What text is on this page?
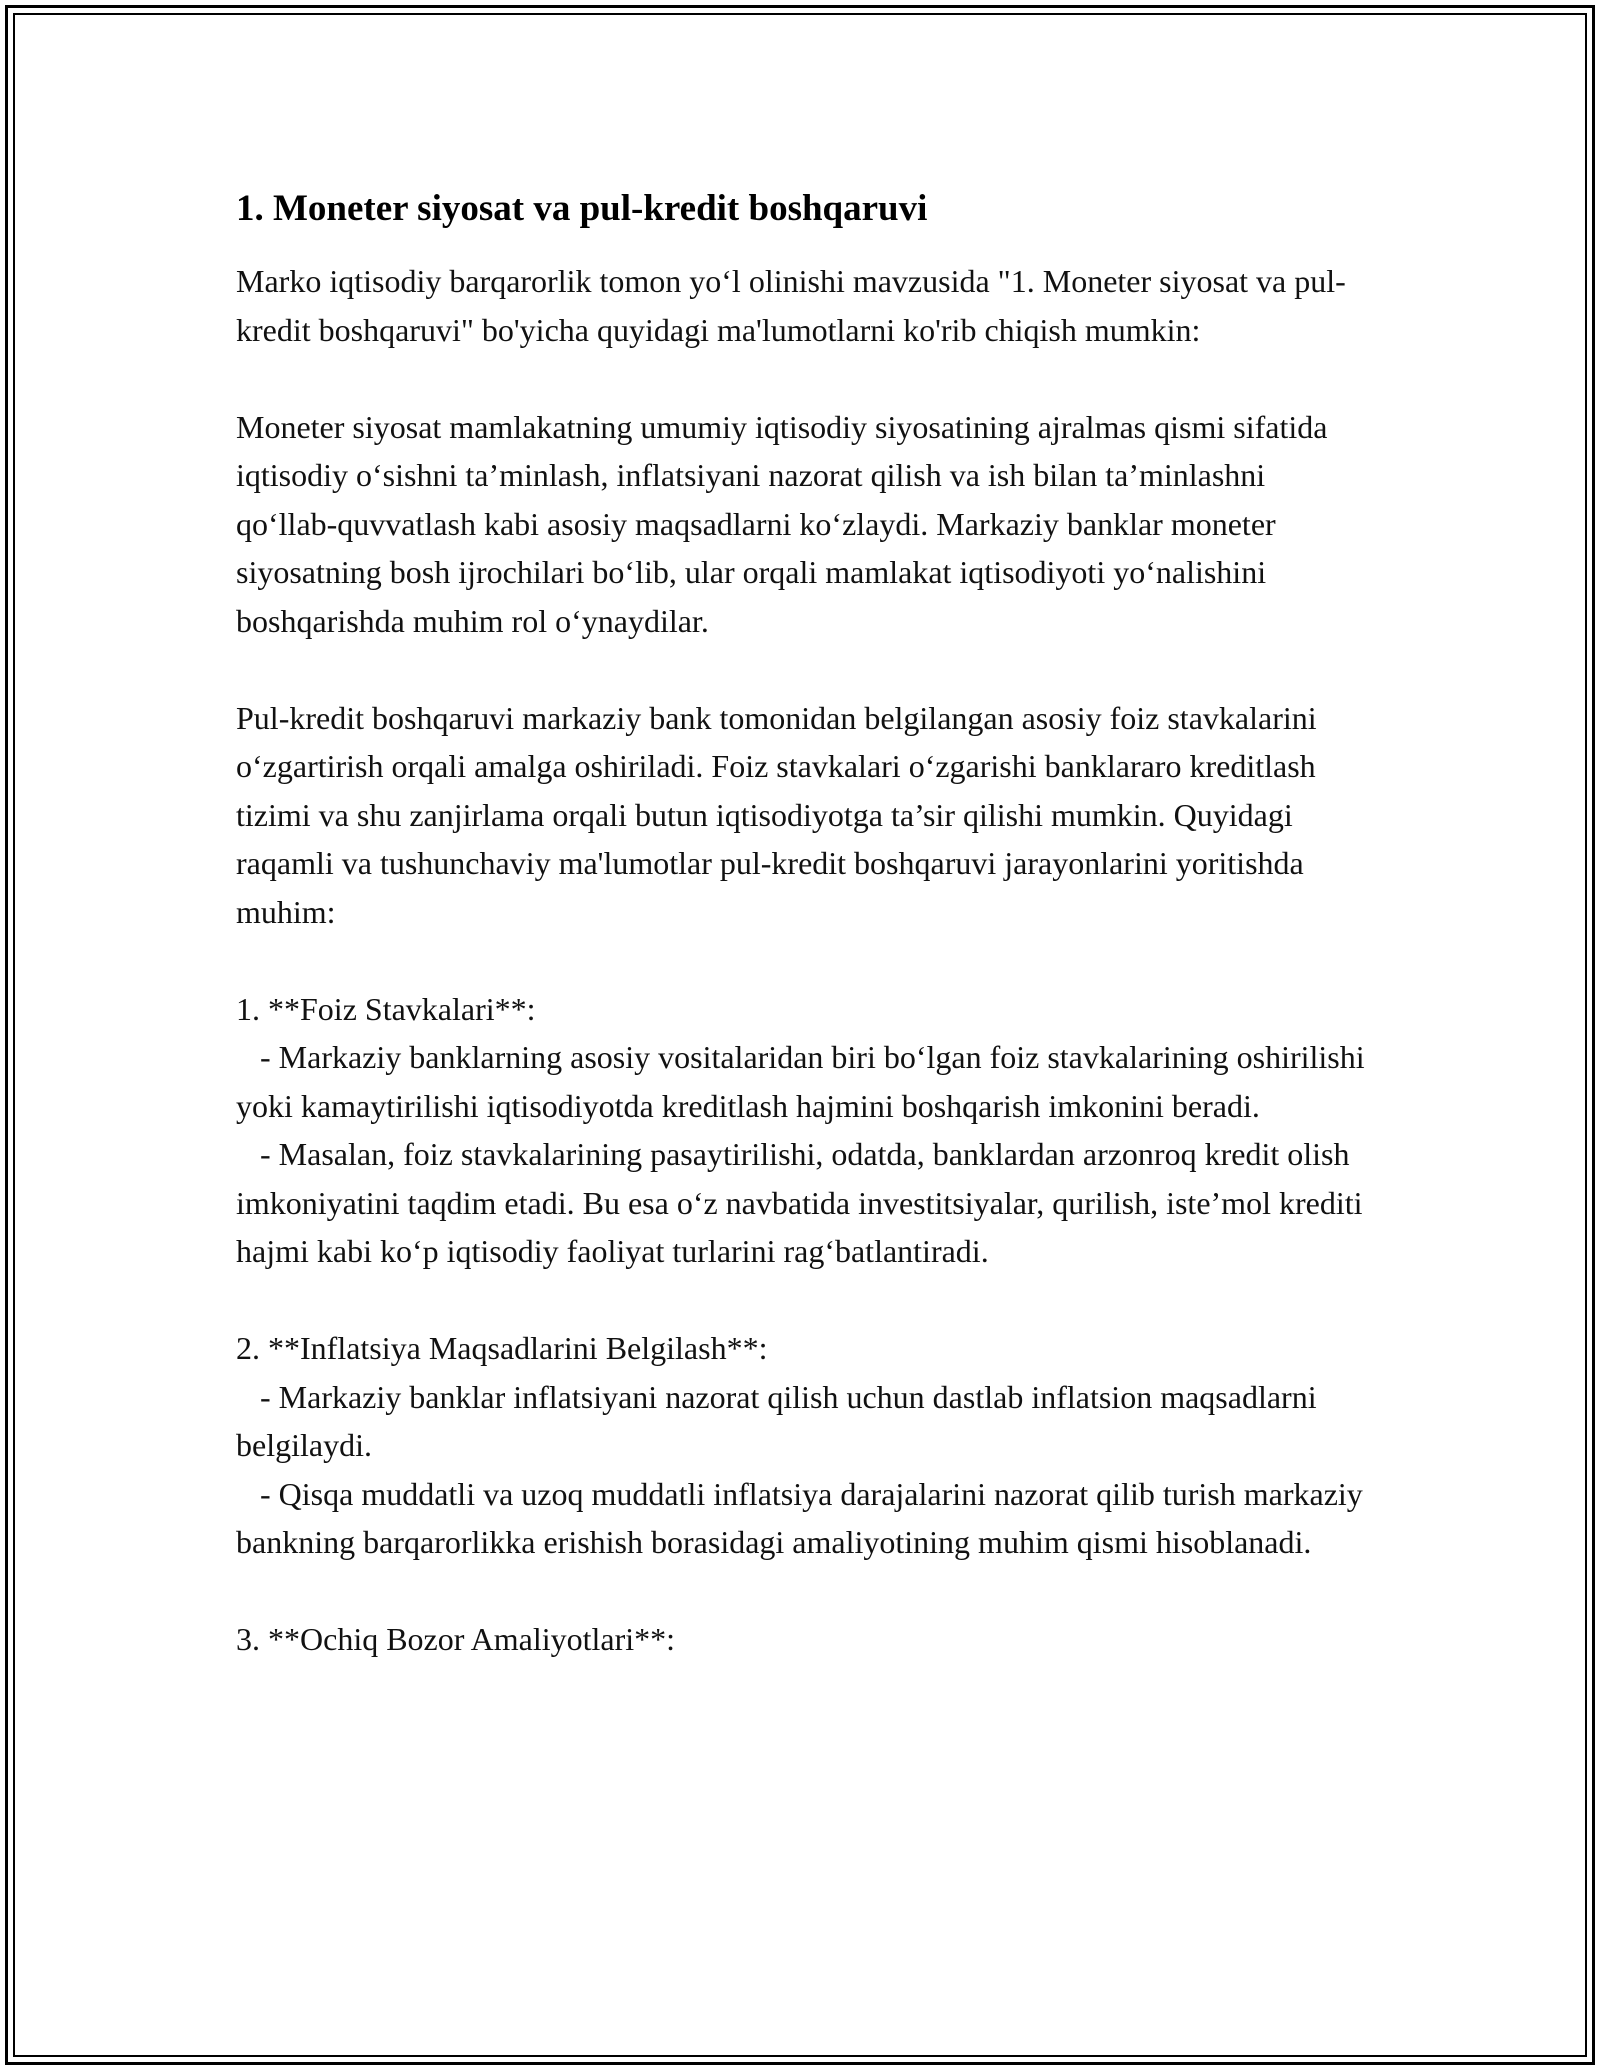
1. Moneter siyosat va pul-kredit boshqaruvi

Marko iqtisodiy barqarorlik tomon yo‘l olinishi mavzusida "1. Moneter siyosat va pul-kredit boshqaruvi" bo'yicha quyidagi ma'lumotlarni ko'rib chiqish mumkin:

Moneter siyosat mamlakatning umumiy iqtisodiy siyosatining ajralmas qismi sifatida iqtisodiy o‘sishni ta’minlash, inflatsiyani nazorat qilish va ish bilan ta’minlashni qo‘llab-quvvatlash kabi asosiy maqsadlarni ko‘zlaydi. Markaziy banklar moneter siyosatning bosh ijrochilari bo‘lib, ular orqali mamlakat iqtisodiyoti yo‘nalishini boshqarishda muhim rol o‘ynaydilar.

Pul-kredit boshqaruvi markaziy bank tomonidan belgilangan asosiy foiz stavkalarini o‘zgartirish orqali amalga oshiriladi. Foiz stavkalari o‘zgarishi banklararo kreditlash tizimi va shu zanjirlama orqali butun iqtisodiyotga ta’sir qilishi mumkin. Quyidagi raqamli va tushunchaviy ma'lumotlar pul-kredit boshqaruvi jarayonlarini yoritishda muhim:

1. **Foiz Stavkalari**:
- Markaziy banklarning asosiy vositalaridan biri bo‘lgan foiz stavkalarining oshirilishi yoki kamaytirilishi iqtisodiyotda kreditlash hajmini boshqarish imkonini beradi.
- Masalan, foiz stavkalarining pasaytirilishi, odatda, banklardan arzonroq kredit olish imkoniyatini taqdim etadi. Bu esa o‘z navbatida investitsiyalar, qurilish, iste’mol krediti hajmi kabi ko‘p iqtisodiy faoliyat turlarini rag‘batlantiradi.

2. **Inflatsiya Maqsadlarini Belgilash**:
- Markaziy banklar inflatsiyani nazorat qilish uchun dastlab inflatsion maqsadlarni belgilaydi.
- Qisqa muddatli va uzoq muddatli inflatsiya darajalarini nazorat qilib turish markaziy bankning barqarorlikka erishish borasidagi amaliyotining muhim qismi hisoblanadi.

3. **Ochiq Bozor Amaliyotlari**:
